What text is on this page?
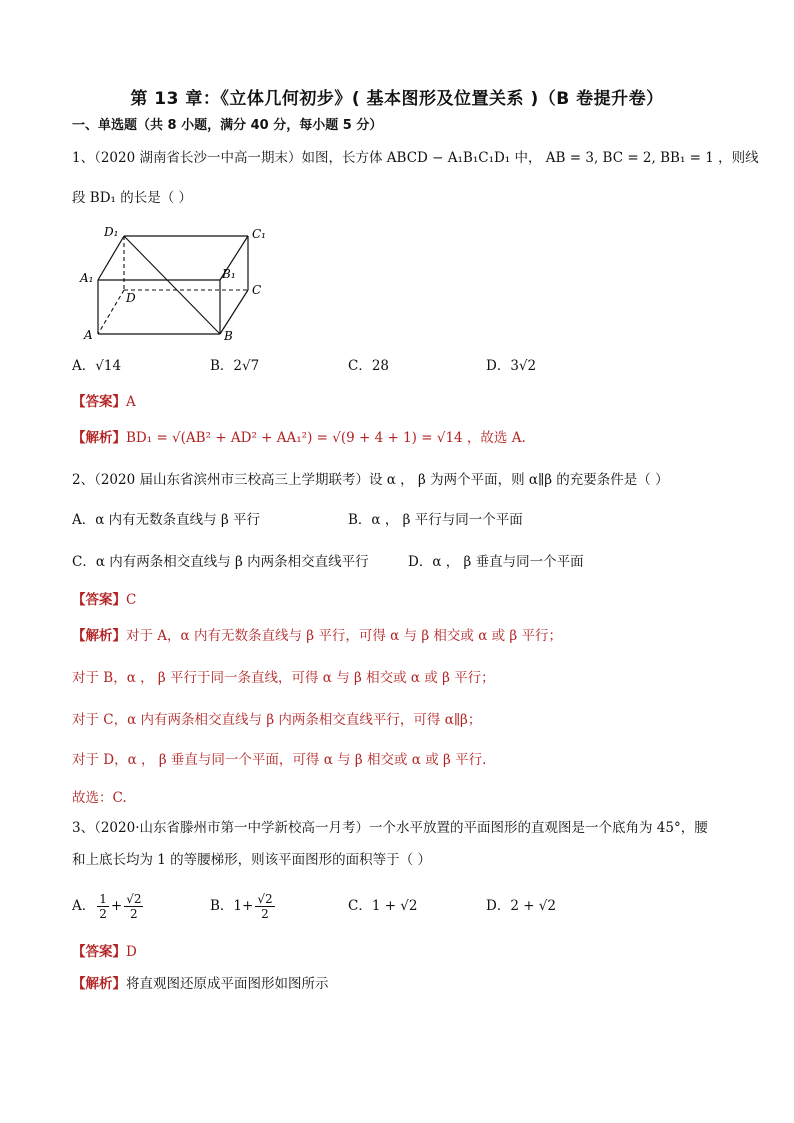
第 13 章：《立体几何初步》( 基本图形及位置关系 )（B 卷提升卷）
一、单选题（共 8 小题，满分 40 分，每小题 5 分）
1、（2020 湖南省长沙一中高一期末）如图，长方体 ABCD − A₁B₁C₁D₁ 中， AB = 3, BC = 2, BB₁ = 1 ，则线
段 BD₁ 的长是（ ）
D₁	C₁
A₁	B₁
D
C
A	B
A．√14	B．2√7	C．28	D．3√2
【答案】A
【解析】BD₁ = √(AB² + AD² + AA₁²) = √(9 + 4 + 1) = √14 ，故选 A.
2、（2020 届山东省滨州市三校高三上学期联考）设 α ， β 为两个平面，则 α∥β 的充要条件是（ ）
A．α 内有无数条直线与 β 平行	B．α ， β 平行与同一个平面
C．α 内有两条相交直线与 β 内两条相交直线平行	D．α ， β 垂直与同一个平面
【答案】C
【解析】对于 A，α 内有无数条直线与 β 平行，可得 α 与 β 相交或 α 或 β 平行；
对于 B，α ， β 平行于同一条直线，可得 α 与 β 相交或 α 或 β 平行；
对于 C，α 内有两条相交直线与 β 内两条相交直线平行，可得 α∥β；
对于 D，α ， β 垂直与同一个平面，可得 α 与 β 相交或 α 或 β 平行.
故选：C.
3、（2020·山东省滕州市第一中学新校高一月考）一个水平放置的平面图形的直观图是一个底角为 45°，腰
和上底长均为 1 的等腰梯形，则该平面图形的面积等于（ ）
A． $\frac{1}{2} + \frac{√2}{2}$	B．$1+ \frac{√2}{2}$	C．1 + √2	D．2 + √2
【答案】D
【解析】将直观图还原成平面图形如图所示
